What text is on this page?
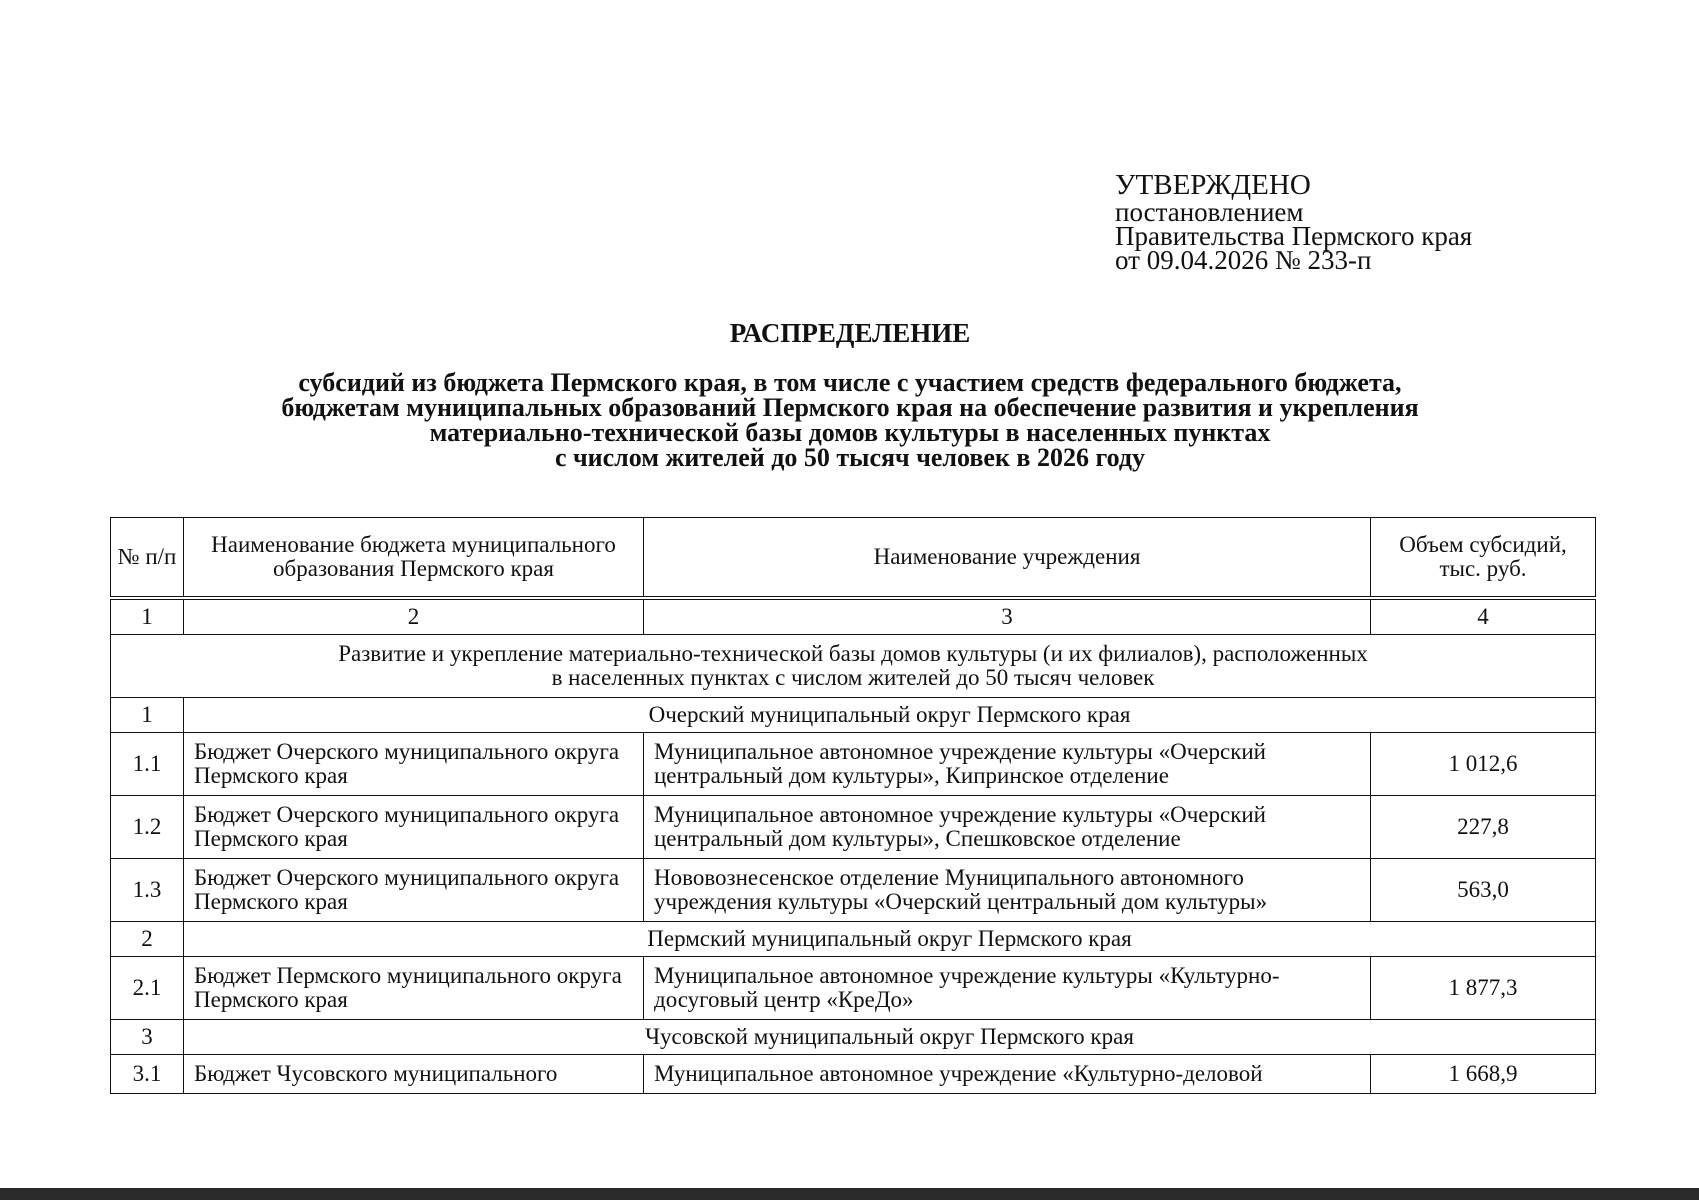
УТВЕРЖДЕНО
постановлением
Правительства Пермского края
от 09.04.2026 № 233-п
РАСПРЕДЕЛЕНИЕ
субсидий из бюджета Пермского края, в том числе с участием средств федерального бюджета,
бюджетам муниципальных образований Пермского края на обеспечение развития и укрепления
материально-технической базы домов культуры в населенных пунктах
с числом жителей до 50 тысяч человек в 2026 году
№ п/п	Наименование бюджета муниципального образования Пермского края	Наименование учреждения	Объем субсидий, тыс. руб.
1	2	3	4

Развитие и укрепление материально-технической базы домов культуры (и их филиалов), расположенных
в населенных пунктах с числом жителей до 50 тысяч человек			

1	Очерский муниципальный округ Пермского края		
1.1	Бюджет Очерского муниципального округа Пермского края	Муниципальное автономное учреждение культуры «Очерский центральный дом культуры», Кипринское отделение	1 012,6
1.2	Бюджет Очерского муниципального округа Пермского края	Муниципальное автономное учреждение культуры «Очерский центральный дом культуры», Спешковское отделение	227,8
1.3	Бюджет Очерского муниципального округа Пермского края	Нововознесенское отделение Муниципального автономного учреждения культуры «Очерский центральный дом культуры»	563,0
2	Пермский муниципальный округ Пермского края		
2.1	Бюджет Пермского муниципального округа Пермского края	Муниципальное автономное учреждение культуры «Культурно-досуговый центр «КреДо»	1 877,3
3	Чусовской муниципальный округ Пермского края		
3.1	Бюджет Чусовского муниципального	Муниципальное автономное учреждение «Культурно-деловой	1 668,9
